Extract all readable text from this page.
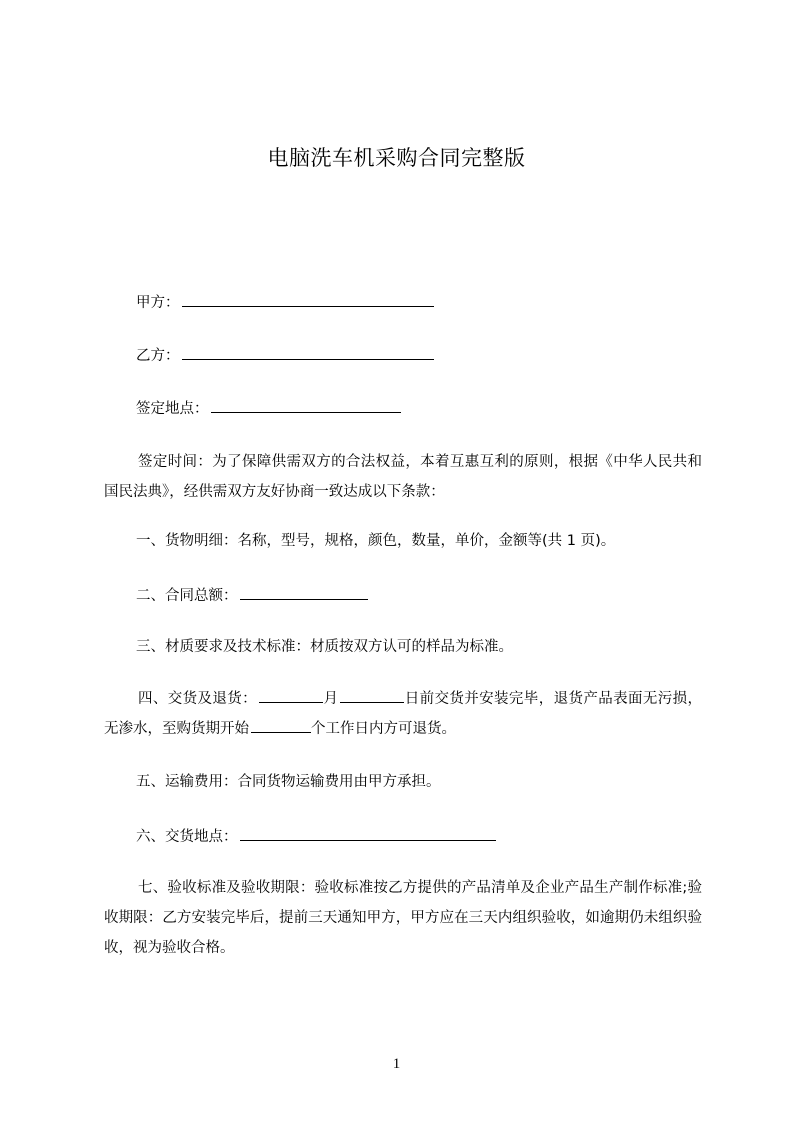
电脑洗车机采购合同完整版
甲方：
乙方：
签定地点：
签定时间：为了保障供需双方的合法权益，本着互惠互利的原则，根据《中华人民共和国民法典》，经供需双方友好协商一致达成以下条款：
一、货物明细：名称，型号，规格，颜色，数量，单价，金额等(共 1 页)。
二、合同总额：
三、材质要求及技术标准：材质按双方认可的样品为标准。
四、交货及退货：	月	日前交货并安装完毕，退货产品表面无污损，无渗水，至购货期开始	个工作日内方可退货。
五、运输费用：合同货物运输费用由甲方承担。
六、交货地点：
七、验收标准及验收期限：验收标准按乙方提供的产品清单及企业产品生产制作标准;验收期限：乙方安装完毕后，提前三天通知甲方，甲方应在三天内组织验收，如逾期仍未组织验收，视为验收合格。
1
